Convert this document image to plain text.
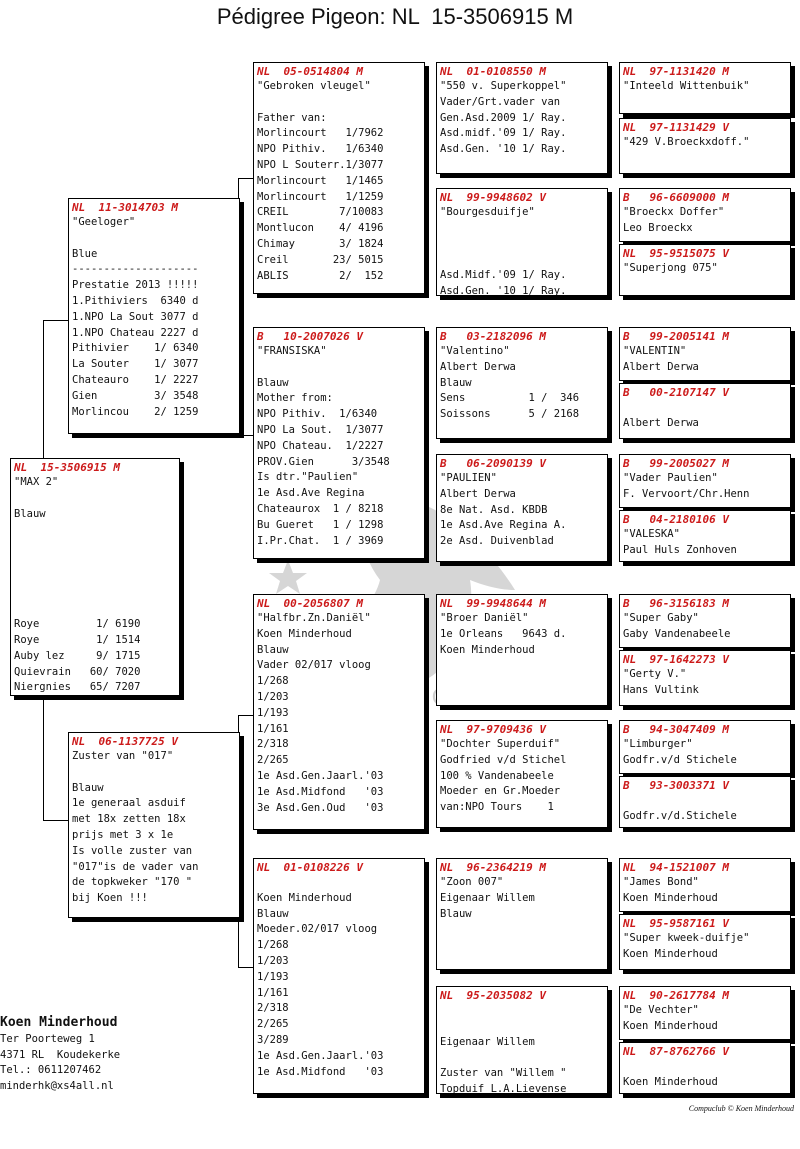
Pédigree Pigeon: NL  15-3506915 M
NL  15-3506915 M
"MAX 2"
Blauw
Roye         1/ 6190
Roye         1/ 1514
Auby lez     9/ 1715
Quievrain   60/ 7020
Niergnies   65/ 7207
NL  11-3014703 M
"Geeloger"
Blue
--------------------
Prestatie 2013 !!!!!
1.Pithiviers  6340 d
1.NPO La Sout 3077 d
1.NPO Chateau 2227 d
Pithivier    1/ 6340
La Souter    1/ 3077
Chateauro    1/ 2227
Gien         3/ 3548
Morlincou    2/ 1259
NL  06-1137725 V
Zuster van "017"
Blauw
1e generaal asduif
met 18x zetten 18x
prijs met 3 x 1e
Is volle zuster van
"017"is de vader van
de topkweker "170 "
bij Koen !!!
NL  05-0514804 M
"Gebroken vleugel"
Father van:
Morlincourt   1/7962
NPO Pithiv.   1/6340
NPO L Souterr.1/3077
Morlincourt   1/1465
Morlincourt   1/1259
CREIL        7/10083
Montlucon    4/ 4196
Chimay       3/ 1824
Creil       23/ 5015
ABLIS        2/  152
B   10-2007026 V
"FRANSISKA"
Blauw
Mother from:
NPO Pithiv.  1/6340
NPO La Sout.  1/3077
NPO Chateau.  1/2227
PROV.Gien      3/3548
Is dtr."Paulien"
1e Asd.Ave Regina
Chateaurox  1 / 8218
Bu Gueret   1 / 1298
I.Pr.Chat.  1 / 3969
NL  00-2056807 M
"Halfbr.Zn.Daniël"
Koen Minderhoud
Blauw
Vader 02/017 vloog
1/268
1/203
1/193
1/161
2/318
2/265
1e Asd.Gen.Jaarl.'03
1e Asd.Midfond   '03
3e Asd.Gen.Oud   '03
NL  01-0108226 V
Koen Minderhoud
Blauw
Moeder.02/017 vloog
1/268
1/203
1/193
1/161
2/318
2/265
3/289
1e Asd.Gen.Jaarl.'03
1e Asd.Midfond   '03
NL  01-0108550 M
"550 v. Superkoppel"
Vader/Grt.vader van
Gen.Asd.2009 1/ Ray.
Asd.midf.'09 1/ Ray.
Asd.Gen. '10 1/ Ray.
NL  99-9948602 V
"Bourgesduifje"
Asd.Midf.'09 1/ Ray.
Asd.Gen. '10 1/ Ray.
B   03-2182096 M
"Valentino"
Albert Derwa
Blauw
Sens          1 /  346
Soissons      5 / 2168
B   06-2090139 V
"PAULIEN"
Albert Derwa
8e Nat. Asd. KBDB
1e Asd.Ave Regina A.
2e Asd. Duivenblad
NL  99-9948644 M
"Broer Daniël"
1e Orleans   9643 d.
Koen Minderhoud
NL  97-9709436 V
"Dochter Superduif"
Godfried v/d Stichel
100 % Vandenabeele
Moeder en Gr.Moeder
van:NPO Tours    1
NL  96-2364219 M
"Zoon 007"
Eigenaar Willem
Blauw
NL  95-2035082 V
Eigenaar Willem
Zuster van "Willem "
Topduif L.A.Lievense
NL  97-1131420 M
"Inteeld Wittenbuik"
NL  97-1131429 V
"429 V.Broeckxdoff."
B   96-6609000 M
"Broeckx Doffer"
Leo Broeckx
NL  95-9515075 V
"Superjong 075"
B   99-2005141 M
"VALENTIN"
Albert Derwa
B   00-2107147 V
Albert Derwa
B   99-2005027 M
"Vader Paulien"
F. Vervoort/Chr.Henn
B   04-2180106 V
"VALESKA"
Paul Huls Zonhoven
B   96-3156183 M
"Super Gaby"
Gaby Vandenabeele
NL  97-1642273 V
"Gerty V."
Hans Vultink
B   94-3047409 M
"Limburger"
Godfr.v/d Stichele
B   93-3003371 V
Godfr.v/d.Stichele
NL  94-1521007 M
"James Bond"
Koen Minderhoud
NL  95-9587161 V
"Super kweek-duifje"
Koen Minderhoud
NL  90-2617784 M
"De Vechter"
Koen Minderhoud
NL  87-8762766 V
Koen Minderhoud
Koen Minderhoud
Ter Poorteweg 1
4371 RL  Koudekerke
Tel.: 0611207462
minderhk@xs4all.nl
Compuclub © Koen Minderhoud
